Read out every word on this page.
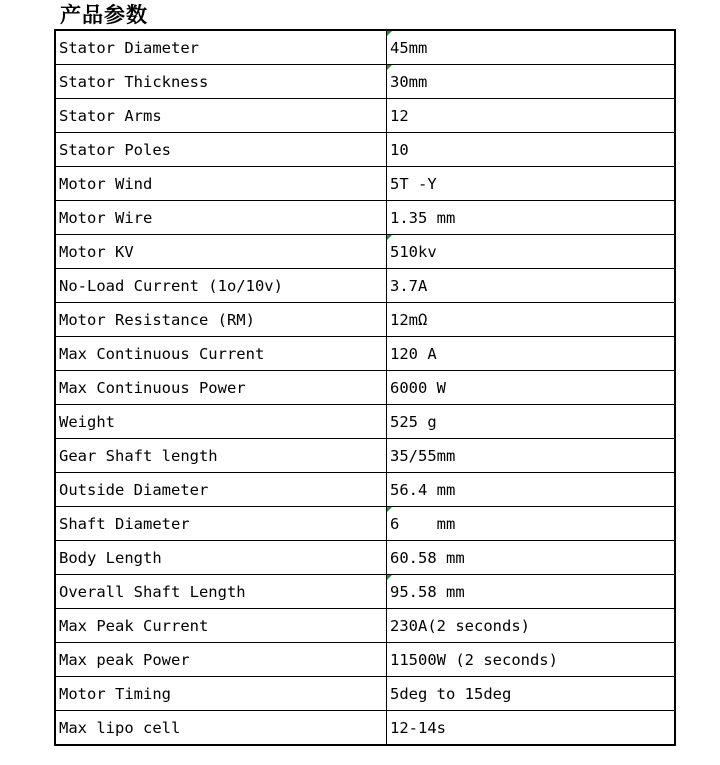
产品参数
Stator Diameter	45mm
Stator Thickness	30mm
Stator Arms	12
Stator Poles	10
Motor Wind	5T -Y
Motor Wire	1.35 mm
Motor KV	510kv
No-Load Current (1o/10v)	3.7A
Motor Resistance (RM)	12mΩ
Max Continuous Current	120 A
Max Continuous Power	6000 W
Weight	525 g
Gear Shaft length	35/55mm
Outside Diameter	56.4 mm
Shaft Diameter	6    mm
Body Length	60.58 mm
Overall Shaft Length	95.58 mm
Max Peak Current	230A(2 seconds)
Max peak Power	11500W (2 seconds)
Motor Timing	5deg to 15deg
Max lipo cell	12-14s
